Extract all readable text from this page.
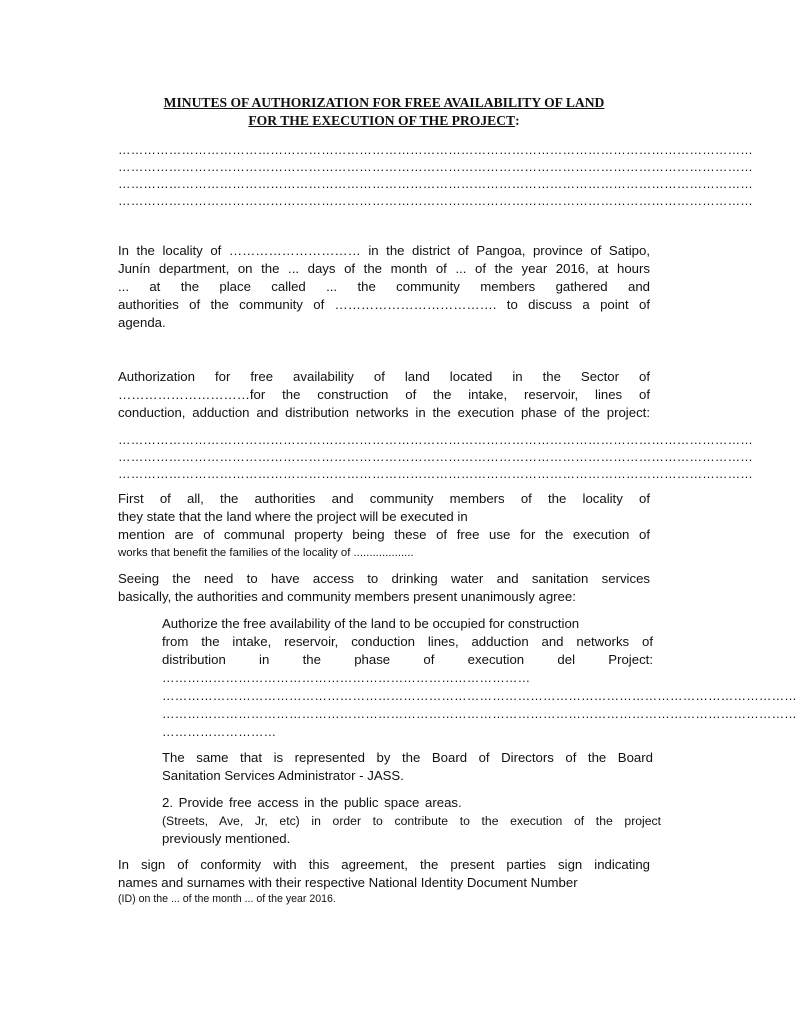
MINUTES OF AUTHORIZATION FOR FREE AVAILABILITY OF LAND
FOR THE EXECUTION OF THE PROJECT:
……………………………………………………………………………………………………………………………………
……………………………………………………………………………………………………………………………………
……………………………………………………………………………………………………………………………………
……………………………………………………………………………………………………………………………………
In the locality of ………………………… in the district of Pangoa, province of Satipo,
Junín department, on the ... days of the month of ... of the year 2016, at hours
... at the place called ... the community members gathered and
authorities of the community of ………………………………. to discuss a point of
agenda.
Authorization for free availability of land located in the Sector of
…………………………for the construction of the intake, reservoir, lines of
conduction, adduction and distribution networks in the execution phase of the project:
……………………………………………………………………………………………………………………………………
……………………………………………………………………………………………………………………………………
……………………………………………………………………………………………………………………………………
First of all, the authorities and community members of the locality of
they state that the land where the project will be executed in
mention are of communal property being these of free use for the execution of
works that benefit the families of the locality of ...................
Seeing the need to have access to drinking water and sanitation services
basically, the authorities and community members present unanimously agree:
Authorize the free availability of the land to be occupied for construction
from the intake, reservoir, conduction lines, adduction and networks of
distribution in the phase of execution del Project:
……………………………………………………………………………
……………………………………………………………………………………………………………………………………
……………………………………………………………………………………………………………………………………
………………………
The same that is represented by the Board of Directors of the Board
Sanitation Services Administrator - JASS.
2. Provide free access in the public space areas.
(Streets, Ave, Jr, etc) in order to contribute to the execution of the project
previously mentioned.
In sign of conformity with this agreement, the present parties sign indicating
names and surnames with their respective National Identity Document Number
(ID) on the ... of the month ... of the year 2016.
